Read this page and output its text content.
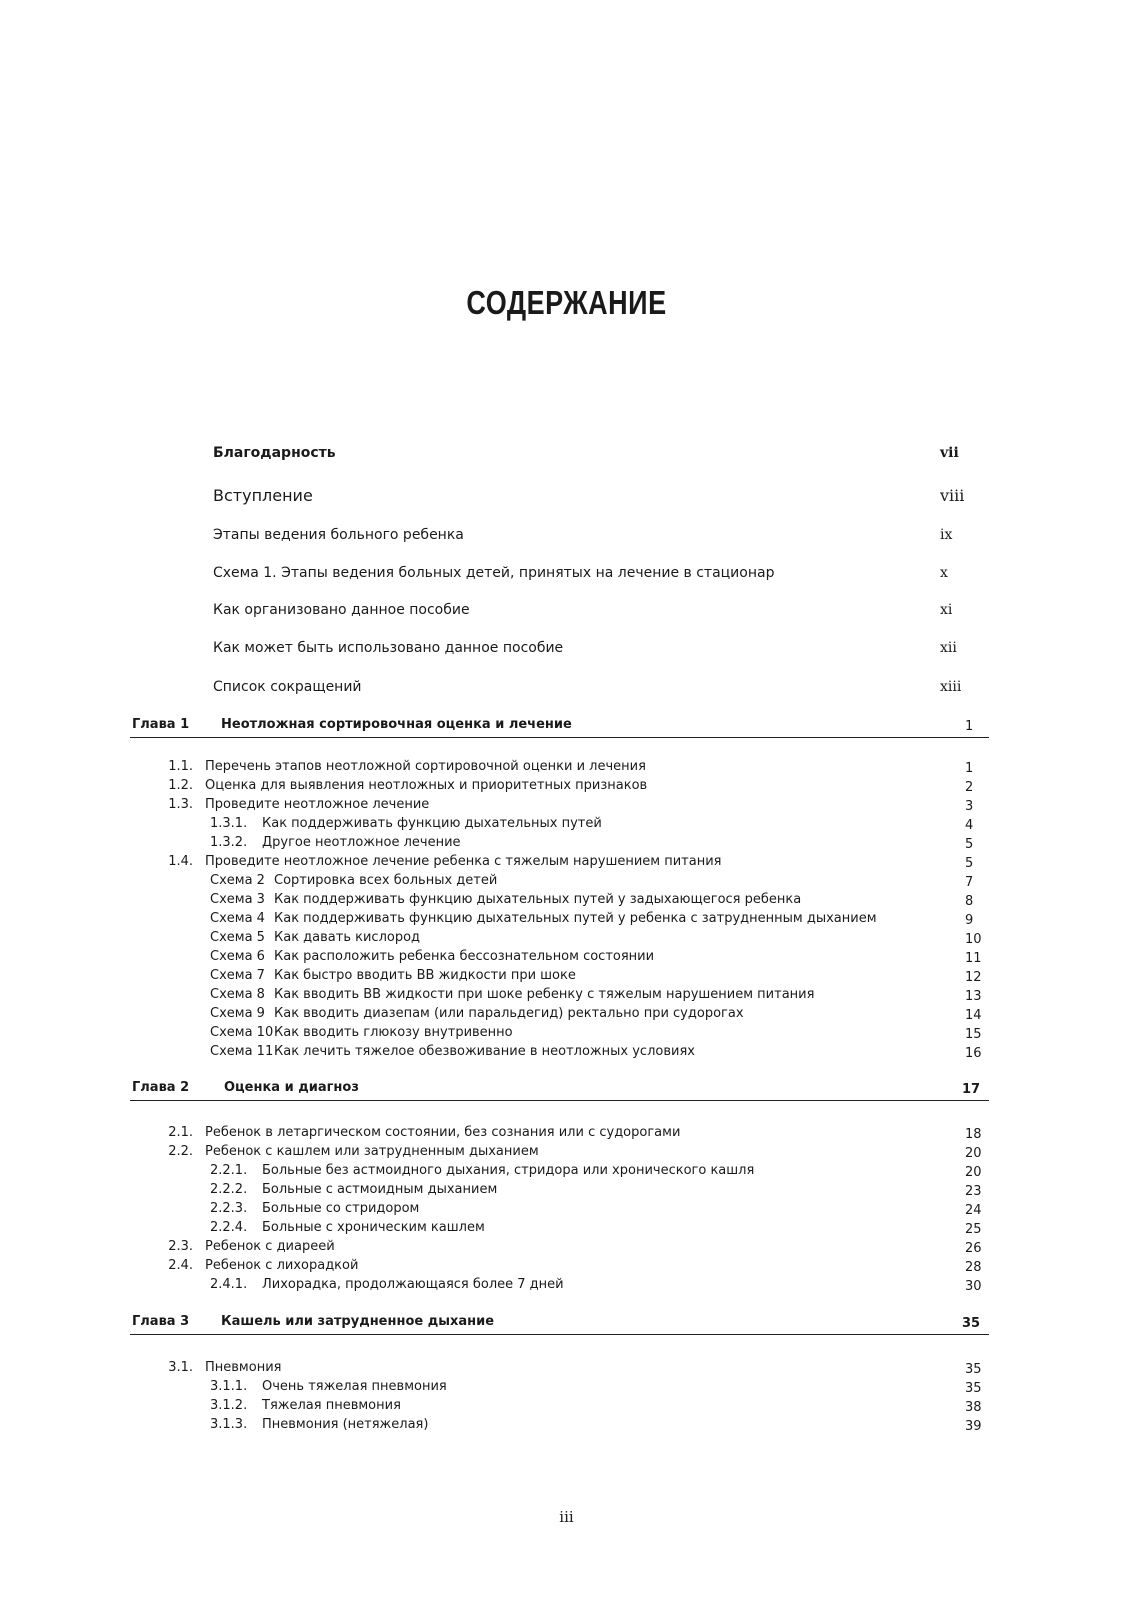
СОДЕРЖАНИЕ
Благодарность	vii
Вступление	viii
Этапы ведения больного ребенка	ix
Схема 1. Этапы ведения больных детей, принятых на лечение в стационар	x
Как организовано данное пособие	xi
Как может быть использовано данное пособие	xii
Список сокращений	xiii
Глава 1 Неотложная сортировочная оценка и лечение	1
1.1. Перечень этапов неотложной сортировочной оценки и лечения	1
1.2. Оценка для выявления неотложных и приоритетных признаков	2
1.3. Проведите неотложное лечение	3
1.3.1. Как поддерживать функцию дыхательных путей	4
1.3.2. Другое неотложное лечение	5
1.4. Проведите неотложное лечение ребенка с тяжелым нарушением питания	5
Схема 2 Сортировка всех больных детей	7
Схема 3 Как поддерживать функцию дыхательных путей у задыхающегося ребенка	8
Схема 4 Как поддерживать функцию дыхательных путей у ребенка с затрудненным дыханием	9
Схема 5 Как давать кислород	10
Схема 6 Как расположить ребенка бессознательном состоянии	11
Схема 7 Как быстро вводить ВВ жидкости при шоке	12
Схема 8 Как вводить ВВ жидкости при шоке ребенку с тяжелым нарушением питания	13
Схема 9 Как вводить диазепам (или паральдегид) ректально при судорогах	14
Схема 10 Как вводить глюкозу внутривенно	15
Схема 11 Как лечить тяжелое обезвоживание в неотложных условиях	16
Глава 2	Оценка и диагноз	17
2.1. Ребенок в летаргическом состоянии, без сознания или с судорогами	18
2.2. Ребенок с кашлем или затрудненным дыханием	20
2.2.1. Больные без астмоидного дыхания, стридора или хронического кашля	20
2.2.2. Больные с астмоидным дыханием	23
2.2.3. Больные со стридором	24
2.2.4. Больные с хроническим кашлем	25
2.3. Ребенок с диареей	26
2.4. Ребенок с лихорадкой	28
2.4.1. Лихорадка, продолжающаяся более 7 дней	30
Глава 3 Кашель или затрудненное дыхание	35
3.1. Пневмония	35
3.1.1. Очень тяжелая пневмония	35
3.1.2. Тяжелая пневмония	38
3.1.3. Пневмония (нетяжелая)	39
iii
